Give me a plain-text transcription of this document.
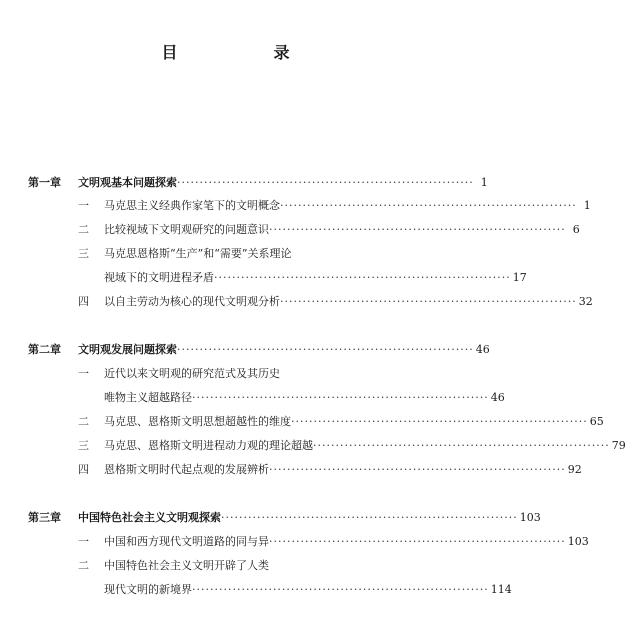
目　录
第一章 文明观基本问题探索 ·································································· 1
一 马克思主义经典作家笔下的文明概念 ·································································· 1
二 比较视域下文明观研究的问题意识 ·································································· 6
三 马克思恩格斯“生产”和“需要”关系理论
视域下的文明进程矛盾 ·································································· 17
四 以自主劳动为核心的现代文明观分析 ·································································· 32
第二章 文明观发展问题探索 ·································································· 46
一 近代以来文明观的研究范式及其历史
唯物主义超越路径 ·································································· 46
二 马克思、恩格斯文明思想超越性的维度 ·································································· 65
三 马克思、恩格斯文明进程动力观的理论超越 ·································································· 79
四 恩格斯文明时代起点观的发展辨析 ·································································· 92
第三章 中国特色社会主义文明观探索 ·································································· 103
一 中国和西方现代文明道路的同与异 ·································································· 103
二 中国特色社会主义文明开辟了人类
现代文明的新境界 ·································································· 114
